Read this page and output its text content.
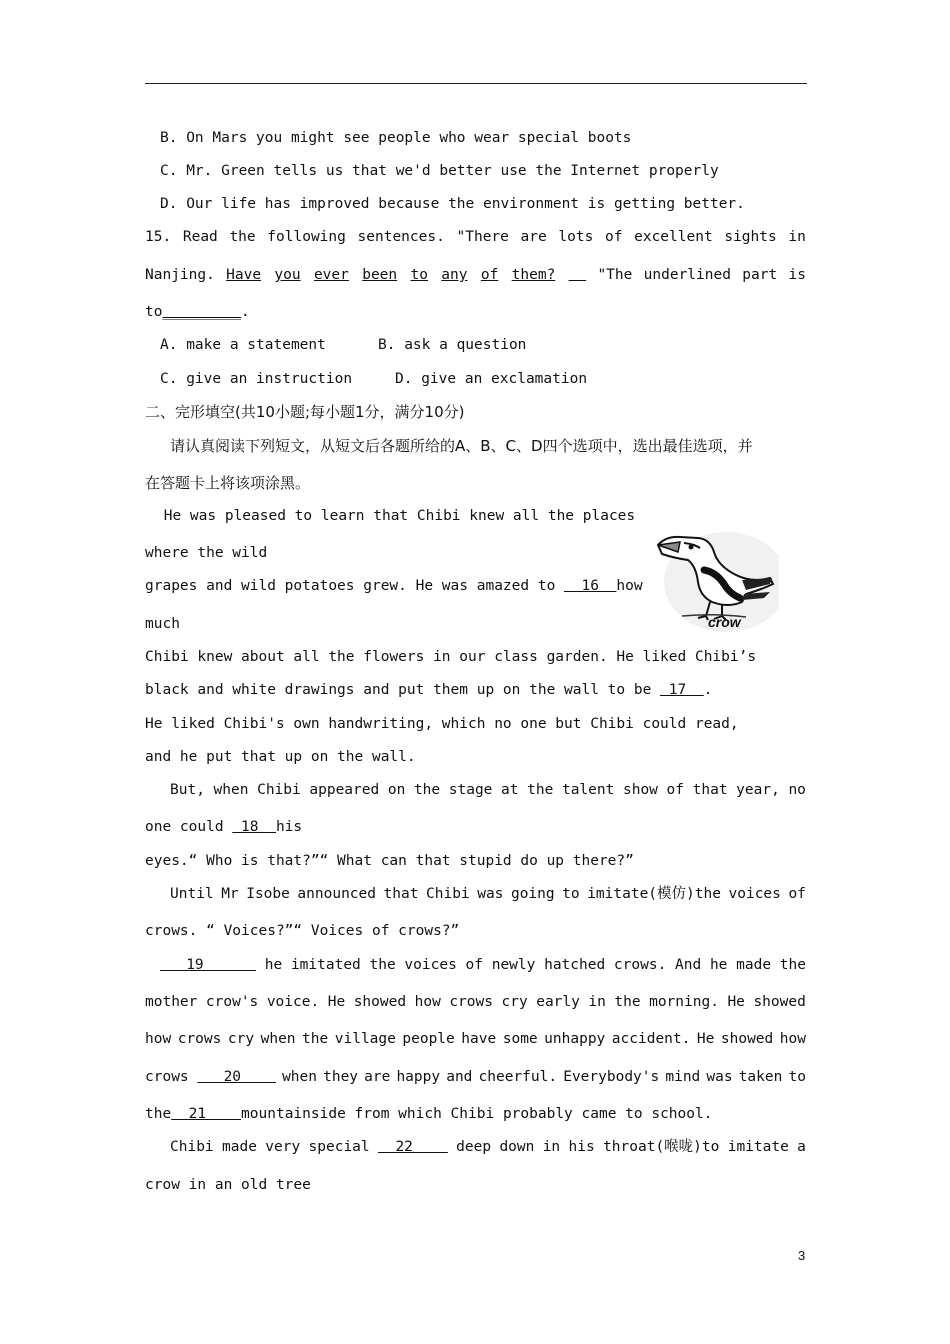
B. On Mars you might see people who wear special boots
C. Mr. Green tells us that we'd better use the Internet properly
D. Our life has improved because the environment is getting better.
15. Read the following sentences. "There are lots of excellent sights in
Nanjing. Have you ever been to any of them?
	"The underlined part is
to_________.
A. make a statement	B. ask a question
C. give an instruction	D. give an exclamation
二、完形填空(共10小题;每小题1分，满分10分)
请认真阅读下列短文，从短文后各题所给的A、B、C、D四个选项中，选出最佳选项，并
在答题卡上将该项涂黑。
He was pleased to learn that Chibi knew all the places
where the wild
grapes and wild potatoes grew. He was amazed to   16  how
much
Chibi knew about all the flowers in our class garden. He liked Chibi’s
black and white drawings and put them up on the wall to be  17  .
He liked Chibi's own handwriting, which no one but Chibi could read,
and he put that up on the wall.
crow
But, when Chibi appeared on the stage at the talent show of that year, no
one could  18  his
eyes.“ Who is that?”“ What can that stupid do up there?”
Until Mr Isobe announced that Chibi was going to imitate(模仿)the voices of
crows. “ Voices?”“ Voices of crows?”
19 he imitated the voices of newly hatched crows. And he made the
mother crow's voice. He showed how crows cry early in the morning. He showed
how crows cry when the village people have some unhappy accident. He showed how
crows    20 when they are happy and cheerful. Everybody's mind was taken to
the  21    mountainside from which Chibi probably came to school.
Chibi made very special 22 deep down in his throat(喉咙)to imitate a
crow in an old tree
3
